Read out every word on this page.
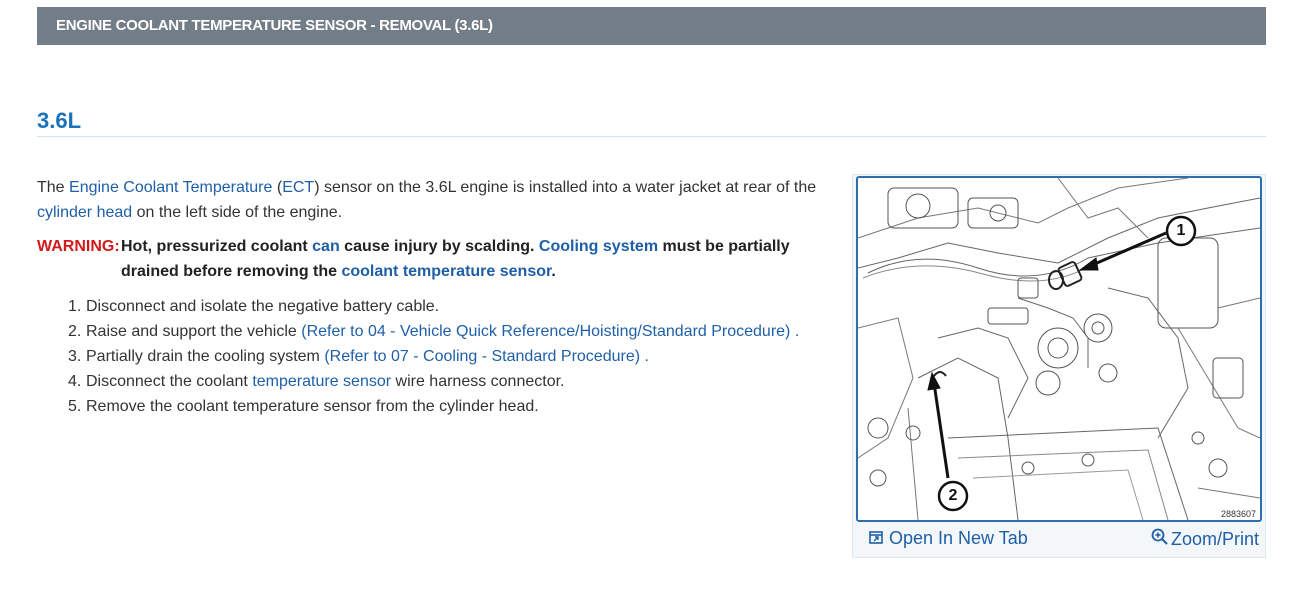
ENGINE COOLANT TEMPERATURE SENSOR - REMOVAL (3.6L)
3.6L

The Engine Coolant Temperature (ECT) sensor on the 3.6L engine is installed into a water jacket at rear of the cylinder head on the left side of the engine.

WARNING: Hot, pressurized coolant can cause injury by scalding. Cooling system must be partially drained before removing the coolant temperature sensor.
1. Disconnect and isolate the negative battery cable.
2. Raise and support the vehicle (Refer to 04 - Vehicle Quick Reference/Hoisting/Standard Procedure) .
3. Partially drain the cooling system (Refer to 07 - Cooling - Standard Procedure) .
4. Disconnect the coolant temperature sensor wire harness connector.
5. Remove the coolant temperature sensor from the cylinder head.
1
2
2883607
Open In New Tab	Zoom/Print
